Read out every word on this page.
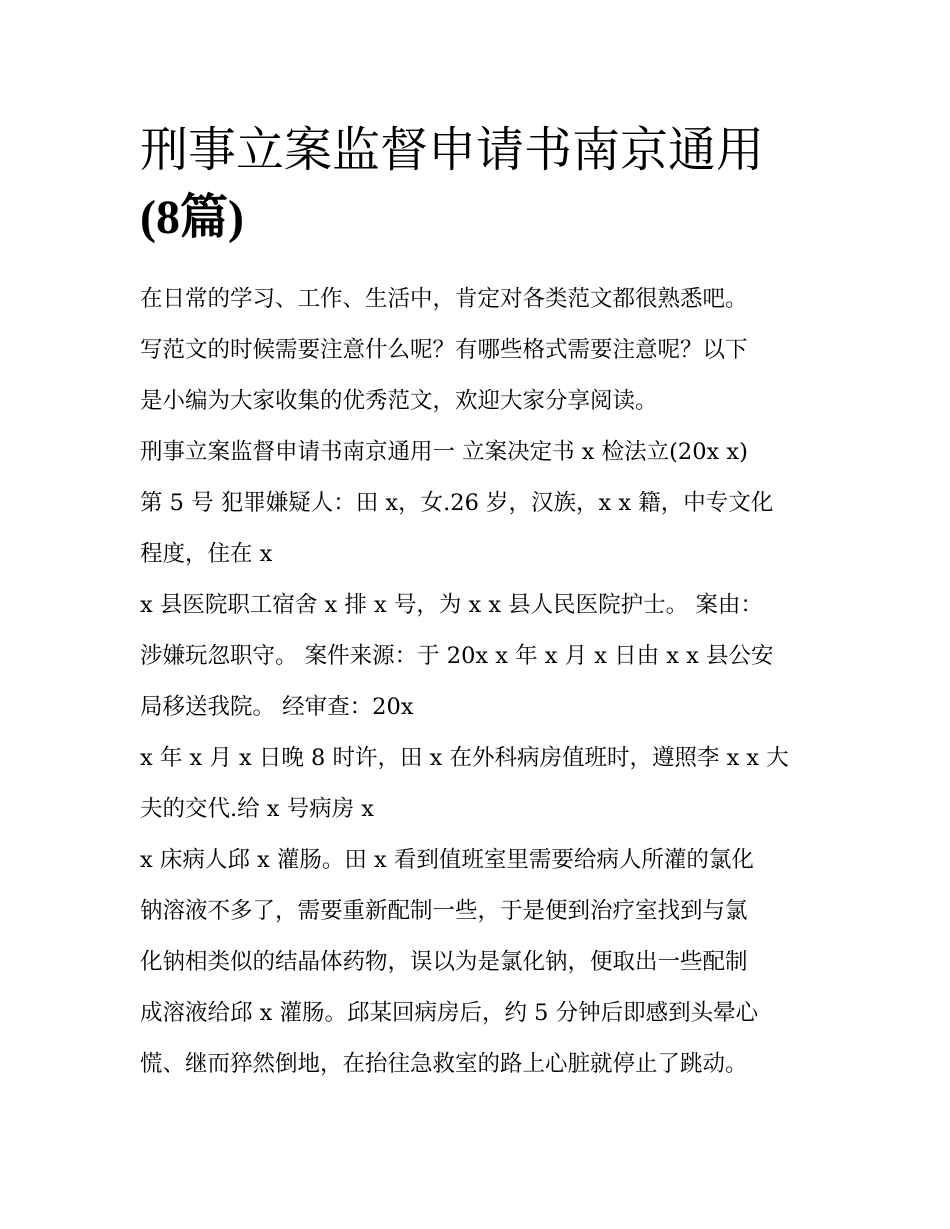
刑事立案监督申请书南京通用
(8篇)
在日常的学习、工作、生活中，肯定对各类范文都很熟悉吧。
写范文的时候需要注意什么呢？有哪些格式需要注意呢？以下
是小编为大家收集的优秀范文，欢迎大家分享阅读。
刑事立案监督申请书南京通用一 立案决定书 x 检法立(20x x)
第 5 号 犯罪嫌疑人：田 x，女.26 岁，汉族，x x 籍，中专文化
程度，住在 x
x 县医院职工宿舍 x 排 x 号，为 x x 县人民医院护士。 案由：
涉嫌玩忽职守。 案件来源：于 20x x 年 x 月 x 日由 x x 县公安
局移送我院。 经审查：20x
x 年 x 月 x 日晚 8 时许，田 x 在外科病房值班时，遵照李 x x 大
夫的交代.给 x 号病房 x
x 床病人邱 x 灌肠。田 x 看到值班室里需要给病人所灌的氯化
钠溶液不多了，需要重新配制一些，于是便到治疗室找到与氯
化钠相类似的结晶体药物，误以为是氯化钠，便取出一些配制
成溶液给邱 x 灌肠。邱某回病房后，约 5 分钟后即感到头晕心
慌、继而猝然倒地，在抬往急救室的路上心脏就停止了跳动。
